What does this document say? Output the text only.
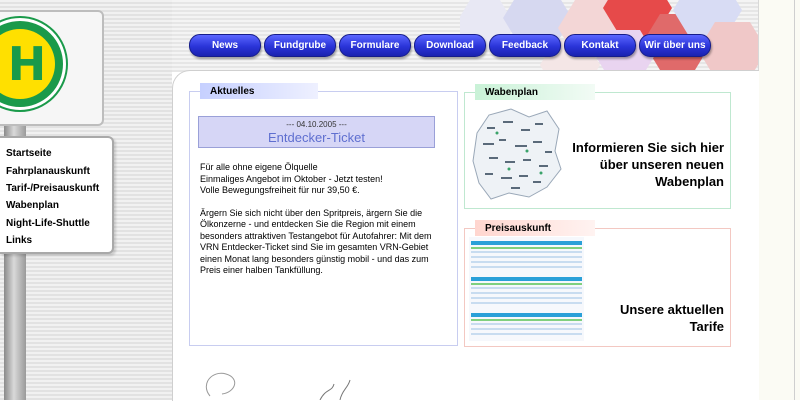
H
Startseite
Fahrplanauskunft
Tarif-/Preisauskunft
Wabenplan
Night-Life-Shuttle
Links
News	Fundgrube	Formulare	Download	Feedback	Kontakt	Wir über uns
Aktuelles
--- 04.10.2005 ---
Entdecker-Ticket

Für alle ohne eigene Ölquelle

Einmaliges Angebot im Oktober - Jetzt testen!

Volle Bewegungsfreiheit für nur 39,50 €.

Ärgern Sie sich nicht über den Spritpreis, ärgern Sie die Ölkonzerne - und entdecken Sie die Region mit einem besonders attraktiven Testangebot für Autofahrer: Mit dem VRN Entdecker-Ticket sind Sie im gesamten VRN-Gebiet einen Monat lang besonders günstig mobil - und das zum Preis einer halben Tankfüllung.

Wabenplan
Informieren Sie sich hier
über unseren neuen
Wabenplan
Preisauskunft
Unsere aktuellen
Tarife
